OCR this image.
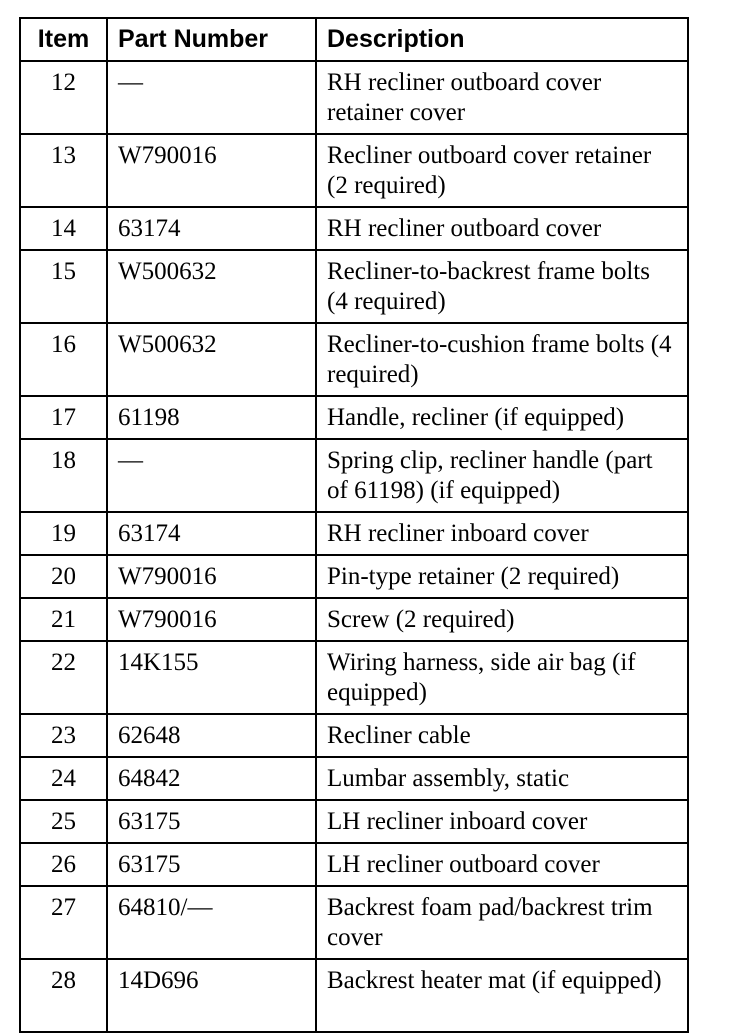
Item	Part Number	Description
12	—	RH recliner outboard cover retainer cover
13	W790016	Recliner outboard cover retainer (2 required)
14	63174	RH recliner outboard cover
15	W500632	Recliner-to-backrest frame bolts (4 required)
16	W500632	Recliner-to-cushion frame bolts (4 required)
17	61198	Handle, recliner (if equipped)
18	—	Spring clip, recliner handle (part of 61198) (if equipped)
19	63174	RH recliner inboard cover
20	W790016	Pin-type retainer (2 required)
21	W790016	Screw (2 required)
22	14K155	Wiring harness, side air bag (if equipped)
23	62648	Recliner cable
24	64842	Lumbar assembly, static
25	63175	LH recliner inboard cover
26	63175	LH recliner outboard cover
27	64810/—	Backrest foam pad/backrest trim cover
28	14D696	Backrest heater mat (if equipped)
